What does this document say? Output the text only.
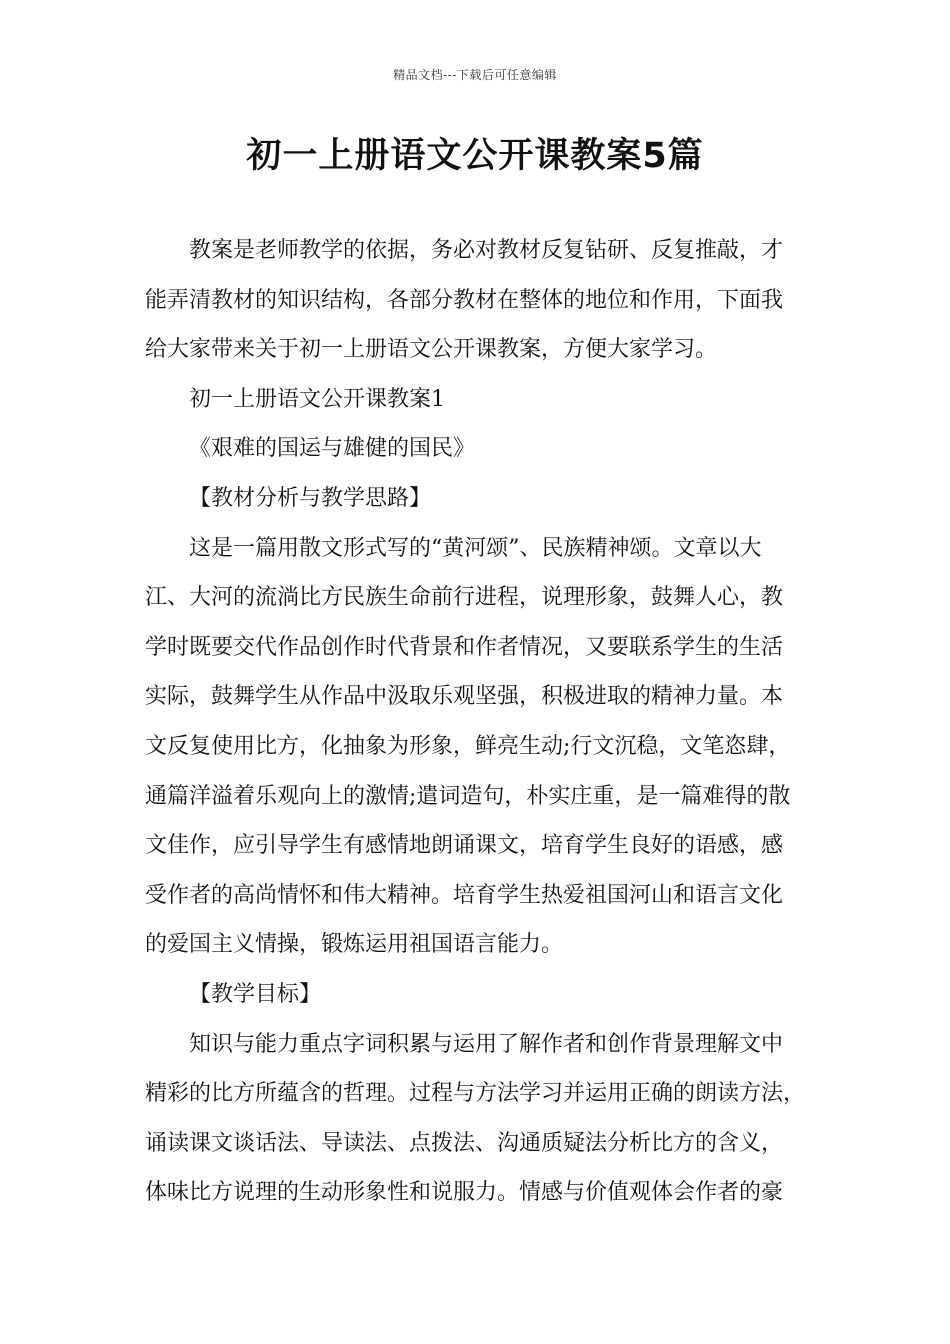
精品文档---下载后可任意编辑
初一上册语文公开课教案5篇
教案是老师教学的依据，务必对教材反复钻研、反复推敲，才
能弄清教材的知识结构，各部分教材在整体的地位和作用，下面我
给大家带来关于初一上册语文公开课教案，方便大家学习。
初一上册语文公开课教案1
《艰难的国运与雄健的国民》
【教材分析与教学思路】
这是一篇用散文形式写的“黄河颂”、民族精神颂。文章以大
江、大河的流淌比方民族生命前行进程，说理形象，鼓舞人心，教
学时既要交代作品创作时代背景和作者情况，又要联系学生的生活
实际，鼓舞学生从作品中汲取乐观坚强，积极进取的精神力量。本
文反复使用比方，化抽象为形象，鲜亮生动;行文沉稳，文笔恣肆，
通篇洋溢着乐观向上的激情;遣词造句，朴实庄重，是一篇难得的散
文佳作，应引导学生有感情地朗诵课文，培育学生良好的语感，感
受作者的高尚情怀和伟大精神。培育学生热爱祖国河山和语言文化
的爱国主义情操，锻炼运用祖国语言能力。
【教学目标】
知识与能力重点字词积累与运用了解作者和创作背景理解文中
精彩的比方所蕴含的哲理。过程与方法学习并运用正确的朗读方法，
诵读课文谈话法、导读法、点拨法、沟通质疑法分析比方的含义，
体味比方说理的生动形象性和说服力。情感与价值观体会作者的豪
